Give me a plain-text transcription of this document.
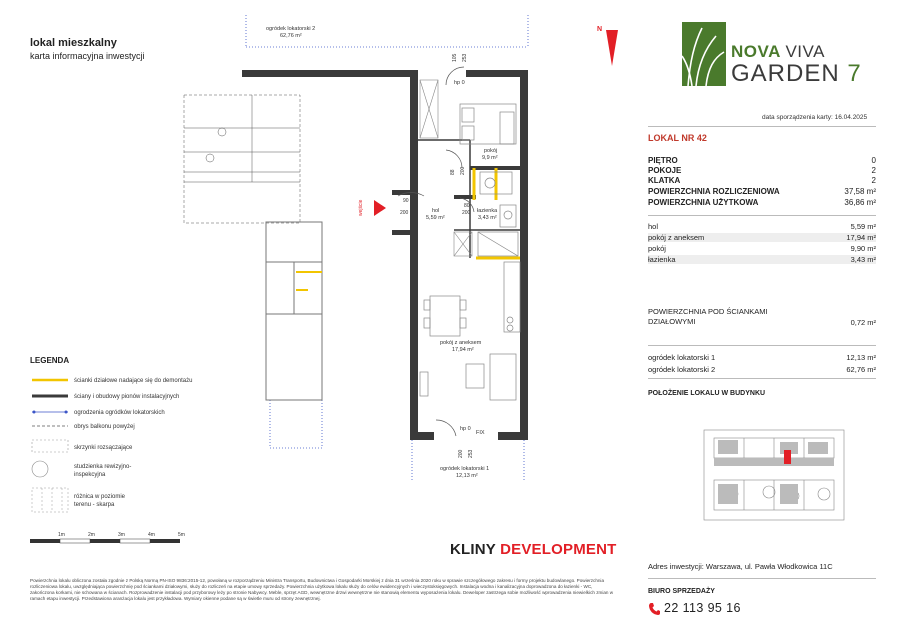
lokal mieszkalny
karta informacyjna inwestycji
wejście
N
ogródek lokatorski 2
62,76 m²
pokój
9,9 m²
hol
5,59 m²
łazienka
3,43 m²
pokój z aneksem
17,94 m²
hp 0
hp 0
FIX
ogródek lokatorski 1
12,13 m²
90
200
80
200
105 253
88 200
200 253
LEGENDA
ścianki działowe nadające się do demontażu
ściany i obudowy pionów instalacyjnych
ogrodzenia ogródków lokatorskich
obrys balkonu powyżej
skrzynki rozsączające
studzienka rewizyjno-inspekcyjna
różnica w poziomie terenu - skarpa
1m	2m	3m	4m	5m
KLINY DEVELOPMENT
Powierzchnia lokalu obliczona została zgodnie z Polską Normą PN-ISO 9836:2015-12, powołaną w rozporządzeniu Ministra Transportu, Budownictwa i Gospodarki Morskiej z dnia 31 września 2020 roku w sprawie szczegółowego zakresu i formy projektu budowlanego. Powierzchnia rozliczeniowa lokalu, uwzględniająca powierzchnię pod ściankami działowymi, służy do rozliczeń na etapie umowy sprzedaży. Powierzchnia użytkowa lokalu służy do celów ewidencyjnych i wieczystoksięgowych. Instalacja wodna i kanalizacyjna doprowadzona do łazienki - WC, zakończona korkami, nie schowana w ścianach. Rozprowadzenie instalacji pod przyborowy leży po stronie Nabywcy. Meble, sprzęt AGD, wewnętrzne drzwi wewnętrzne nie stanowią elementu wyposażenia lokalu. Deweloper zastrzega sobie możliwość wprowadzenia niewielkich zmian w ramach etapu inwestycji. Przedstawiona aranżacja lokalu jest przykładowa. Wymiary okienne podane są w świetle muru od strony zewnętrznej.
NOVA VIVA
GARDEN 7
data sporządzenia karty: 16.04.2025
LOKAL NR 42
PIĘTRO	0
POKOJE	2
KLATKA	2
POWIERZCHNIA ROZLICZENIOWA	37,58 m²
POWIERZCHNIA UŻYTKOWA	36,86 m²
hol	5,59 m²
pokój z aneksem	17,94 m²
pokój	9,90 m²
łazienka	3,43 m²
POWIERZCHNIA POD ŚCIANKAMI DZIAŁOWYMI	0,72 m²
ogródek lokatorski 1	12,13 m²
ogródek lokatorski 2	62,76 m²
POŁOŻENIE LOKALU W BUDYNKU
Adres inwestycji: Warszawa, ul. Pawła Włodkowica 11C
BIURO SPRZEDAŻY
22 113 95 16
